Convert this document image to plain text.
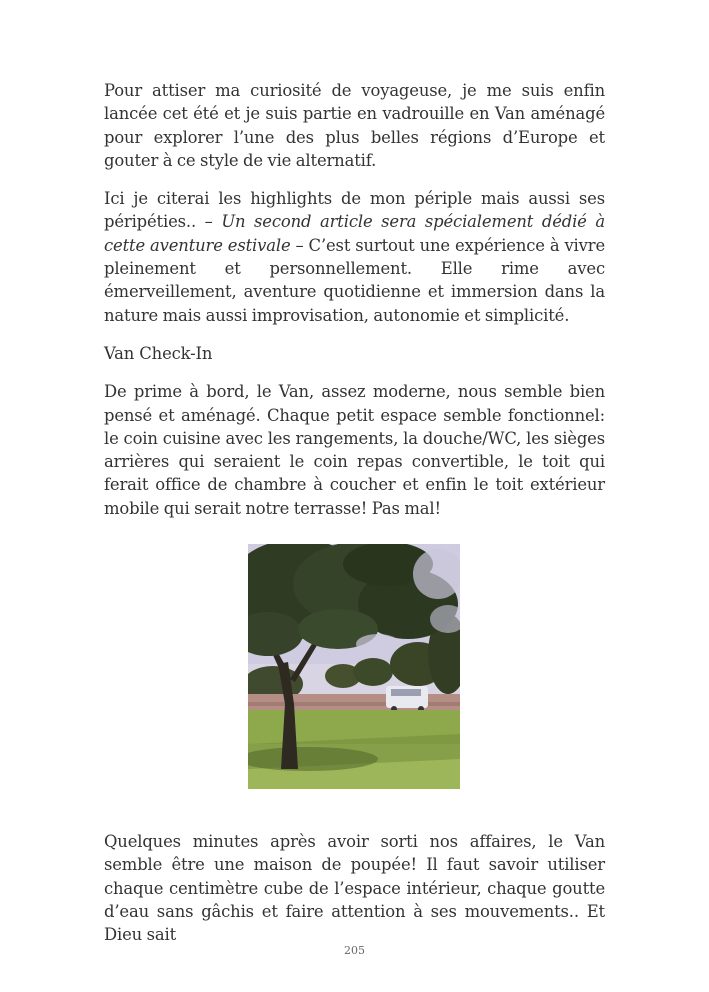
Pour attiser ma curiosité de voyageuse, je me suis enfin lancée cet été et je suis partie en vadrouille en Van aménagé pour explorer l’une des plus belles régions d’Europe et gouter à ce style de vie alternatif.

Ici je citerai les highlights de mon périple mais aussi ses péripéties.. – Un second article sera spécialement dédié à cette aventure estivale – C’est surtout une expérience à vivre pleinement et personnellement. Elle rime avec émerveillement, aventure quotidienne et immersion dans la nature mais aussi improvisation, autonomie et simplicité.

Van Check-In

De prime à bord, le Van, assez moderne, nous semble bien pensé et aménagé. Chaque petit espace semble fonctionnel: le coin cuisine avec les rangements, la douche/WC, les sièges arrières qui seraient le coin repas convertible, le toit qui ferait office de chambre à coucher et enfin le toit extérieur mobile qui serait notre terrasse! Pas mal!

Quelques minutes après avoir sorti nos affaires, le Van semble être une maison de poupée! Il faut savoir utiliser chaque centimètre cube de l’espace intérieur, chaque goutte d’eau sans gâchis et faire attention à ses mouvements.. Et Dieu sait

205
